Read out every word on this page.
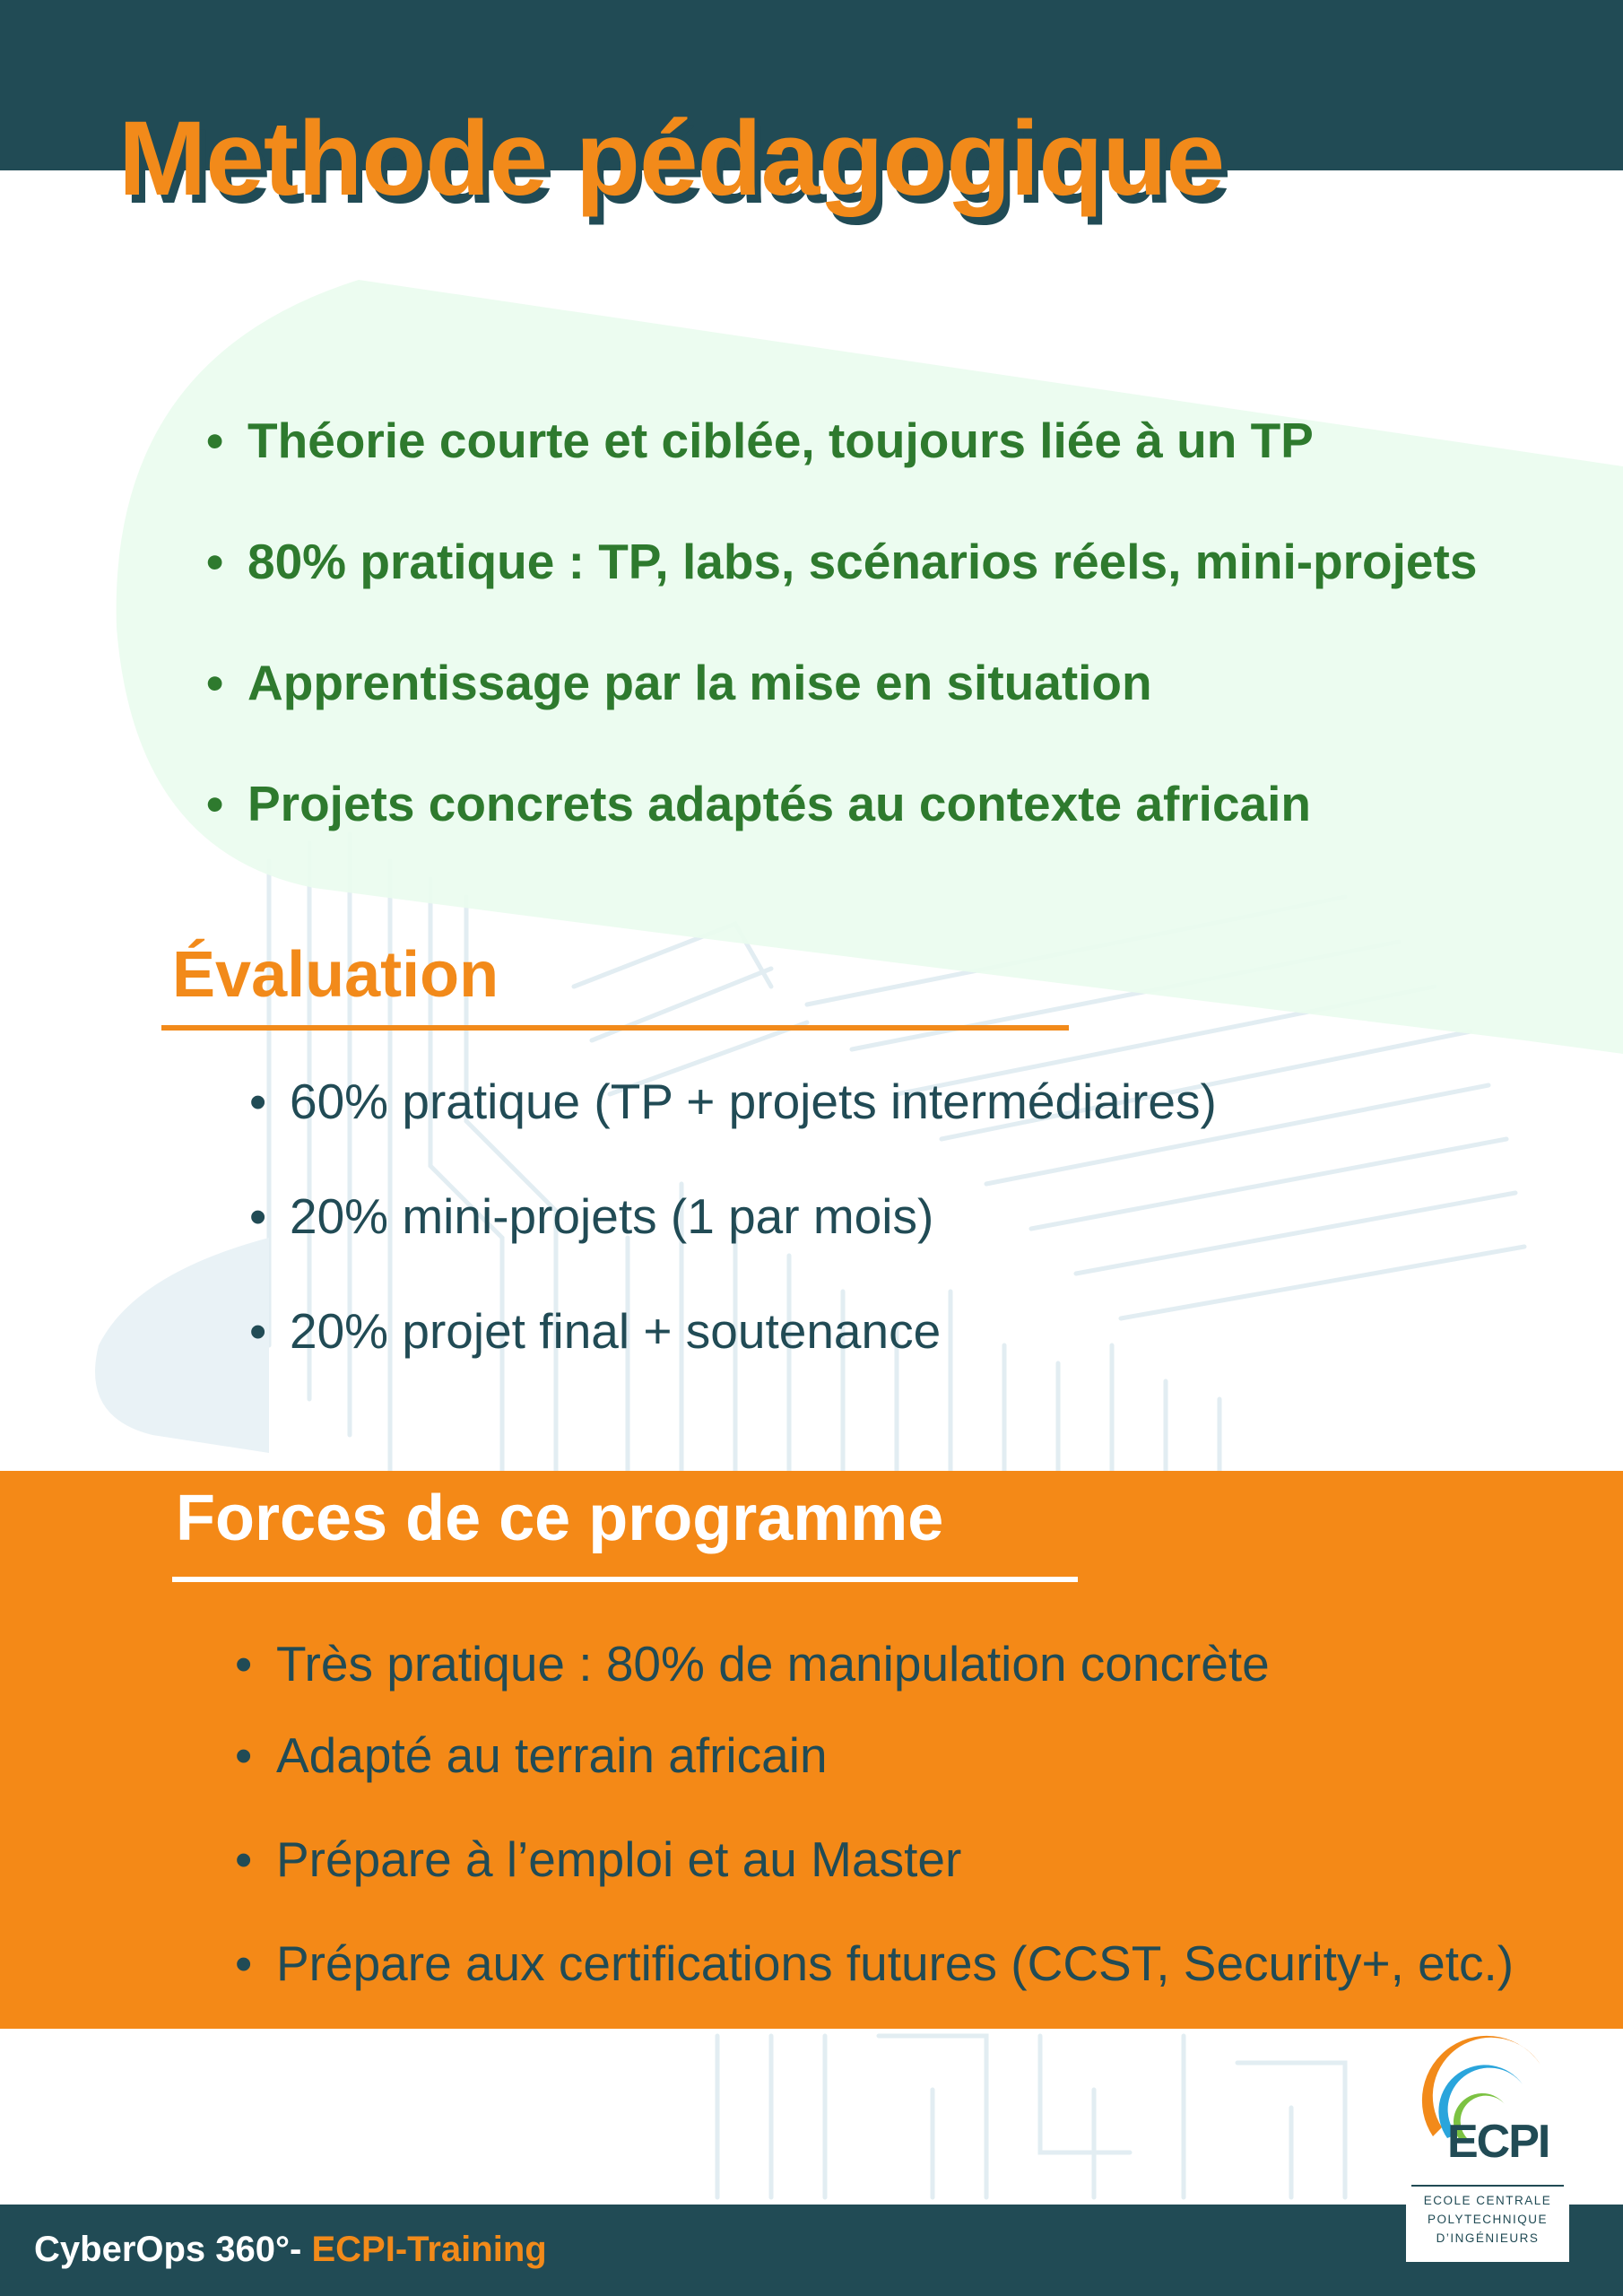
Methode pédagogique
• Théorie courte et ciblée, toujours liée à un TP
• 80% pratique : TP, labs, scénarios réels, mini-projets
• Apprentissage par la mise en situation
• Projets concrets adaptés au contexte africain
Évaluation
• 60% pratique (TP + projets intermédiaires)
• 20% mini-projets (1 par mois)
• 20% projet final + soutenance
Forces de ce programme
• Très pratique : 80% de manipulation concrète
• Adapté au terrain africain
• Prépare à l’emploi et au Master
• Prépare aux certifications futures (CCST, Security+, etc.)
CyberOps 360°- ECPI-Training
ECPI
ECOLE CENTRALE
POLYTECHNIQUE
D’INGÉNIEURS
